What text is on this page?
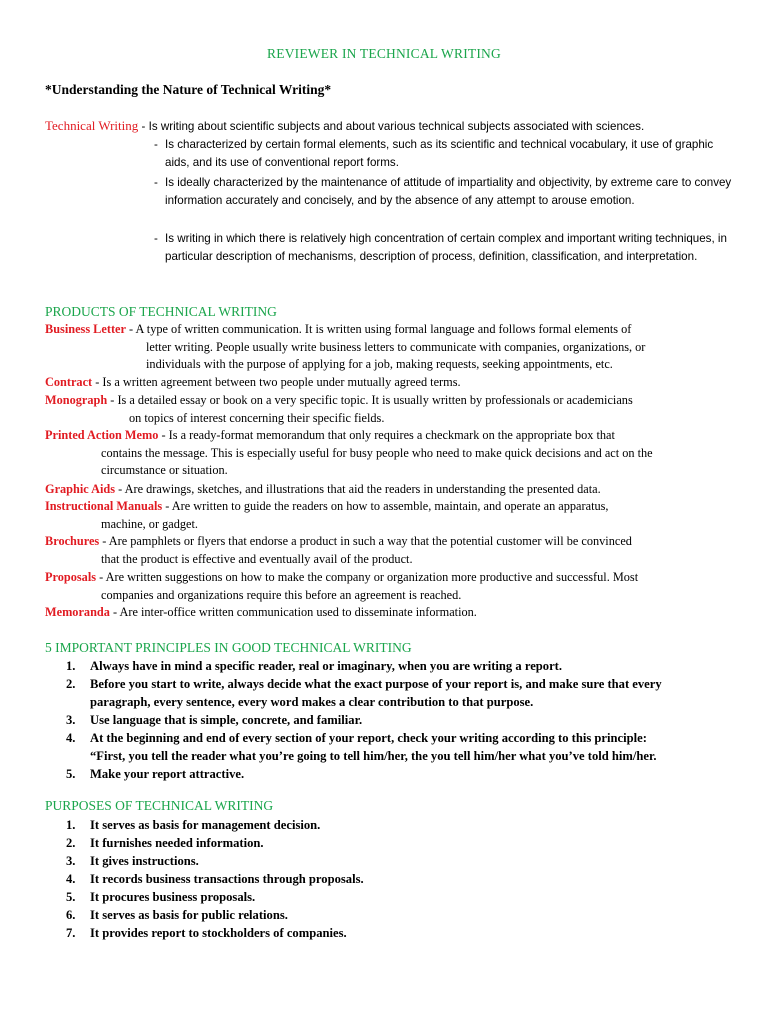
REVIEWER IN TECHNICAL WRITING
*Understanding the Nature of Technical Writing*
Technical Writing - Is writing about scientific subjects and about various technical subjects associated with sciences.
- Is characterized by certain formal elements, such as its scientific and technical vocabulary, it use of graphic aids, and its use of conventional report forms.
- Is ideally characterized by the maintenance of attitude of impartiality and objectivity, by extreme care to convey information accurately and concisely, and by the absence of any attempt to arouse emotion.
- Is writing in which there is relatively high concentration of certain complex and important writing techniques, in particular description of mechanisms, description of process, definition, classification, and interpretation.
PRODUCTS OF TECHNICAL WRITING
Business Letter - A type of written communication. It is written using formal language and follows formal elements of
letter writing. People usually write business letters to communicate with companies, organizations, or
individuals with the purpose of applying for a job, making requests, seeking appointments, etc.
Contract - Is a written agreement between two people under mutually agreed terms.
Monograph - Is a detailed essay or book on a very specific topic. It is usually written by professionals or academicians
on topics of interest concerning their specific fields.
Printed Action Memo - Is a ready-format memorandum that only requires a checkmark on the appropriate box that
contains the message. This is especially useful for busy people who need to make quick decisions and act on the
circumstance or situation.
Graphic Aids - Are drawings, sketches, and illustrations that aid the readers in understanding the presented data.
Instructional Manuals - Are written to guide the readers on how to assemble, maintain, and operate an apparatus,
machine, or gadget.
Brochures - Are pamphlets or flyers that endorse a product in such a way that the potential customer will be convinced
that the product is effective and eventually avail of the product.
Proposals - Are written suggestions on how to make the company or organization more productive and successful. Most
companies and organizations require this before an agreement is reached.
Memoranda - Are inter-office written communication used to disseminate information.
5 IMPORTANT PRINCIPLES IN GOOD TECHNICAL WRITING
1. Always have in mind a specific reader, real or imaginary, when you are writing a report.
2. Before you start to write, always decide what the exact purpose of your report is, and make sure that every
paragraph, every sentence, every word makes a clear contribution to that purpose.
3. Use language that is simple, concrete, and familiar.
4. At the beginning and end of every section of your report, check your writing according to this principle:
“First, you tell the reader what you’re going to tell him/her, the you tell him/her what you’ve told him/her.
5. Make your report attractive.
PURPOSES OF TECHNICAL WRITING
1. It serves as basis for management decision.
2. It furnishes needed information.
3. It gives instructions.
4. It records business transactions through proposals.
5. It procures business proposals.
6. It serves as basis for public relations.
7. It provides report to stockholders of companies.
